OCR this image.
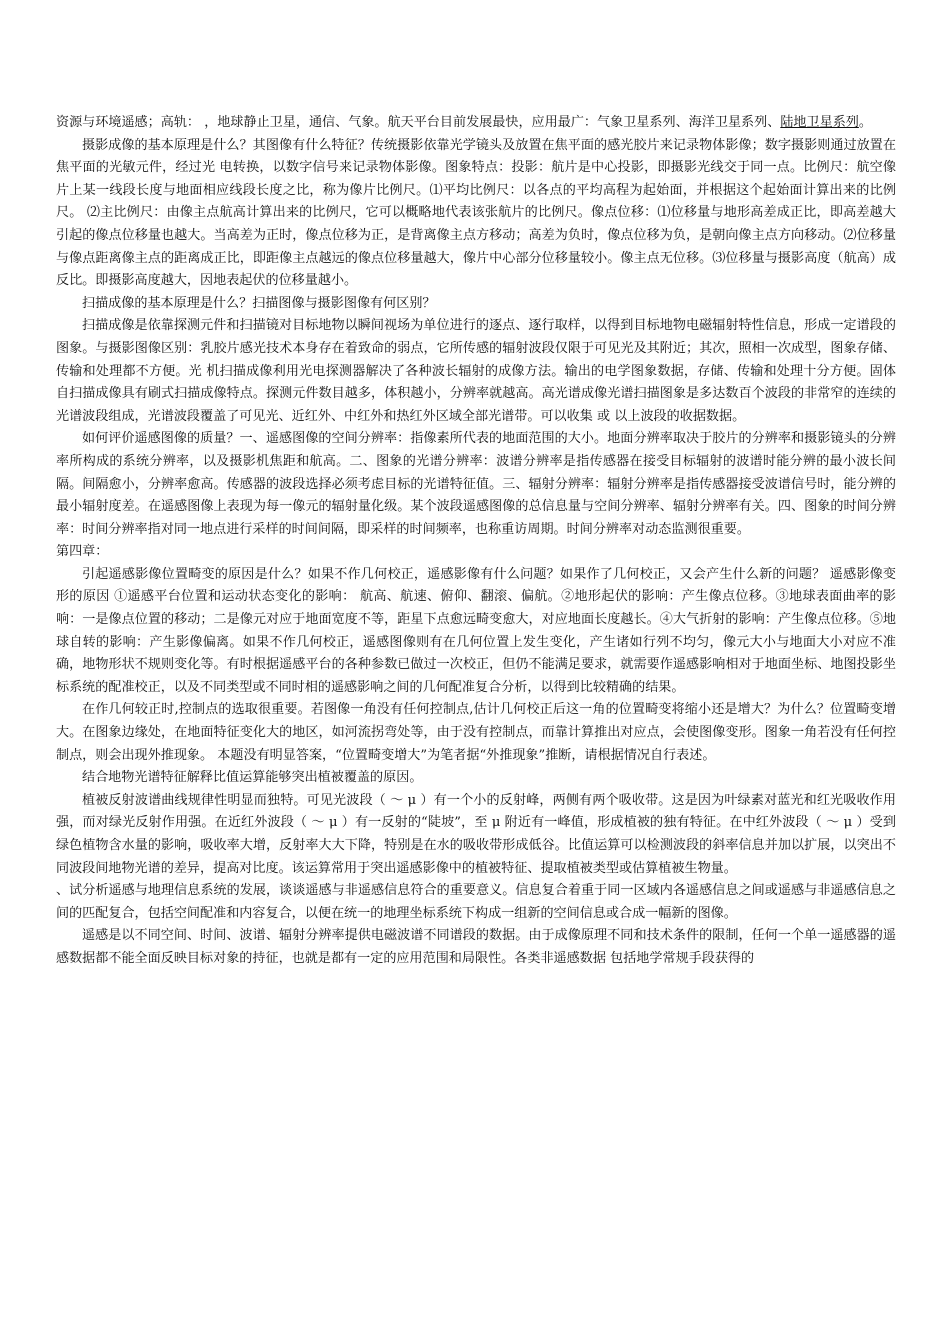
资源与环境遥感；高轨： ，地球静止卫星，通信、气象。航天平台目前发展最快，应用最广：气象卫星系列、海洋卫星系列、陆地卫星系列。

摄影成像的基本原理是什么？其图像有什么特征？传统摄影依靠光学镜头及放置在焦平面的感光胶片来记录物体影像；数字摄影则通过放置在焦平面的光敏元件，经过光 电转换，以数字信号来记录物体影像。图象特点：投影：航片是中心投影，即摄影光线交于同一点。比例尺：航空像片上某一线段长度与地面相应线段长度之比，称为像片比例尺。⑴平均比例尺：以各点的平均高程为起始面，并根据这个起始面计算出来的比例尺。 ⑵主比例尺：由像主点航高计算出来的比例尺，它可以概略地代表该张航片的比例尺。像点位移：⑴位移量与地形高差成正比，即高差越大引起的像点位移量也越大。当高差为正时，像点位移为正，是背离像主点方移动；高差为负时，像点位移为负，是朝向像主点方向移动。⑵位移量与像点距离像主点的距离成正比，即距像主点越远的像点位移量越大，像片中心部分位移量较小。像主点无位移。⑶位移量与摄影高度（航高）成反比。即摄影高度越大，因地表起伏的位移量越小。

扫描成像的基本原理是什么？扫描图像与摄影图像有何区别？

扫描成像是依靠探测元件和扫描镜对目标地物以瞬间视场为单位进行的逐点、逐行取样，以得到目标地物电磁辐射特性信息，形成一定谱段的图象。与摄影图像区别：乳胶片感光技术本身存在着致命的弱点，它所传感的辐射波段仅限于可见光及其附近；其次，照相一次成型，图象存储、传输和处理都不方便。光 机扫描成像利用光电探测器解决了各种波长辐射的成像方法。输出的电学图象数据，存储、传输和处理十分方便。固体自扫描成像具有刷式扫描成像特点。探测元件数目越多，体积越小，分辨率就越高。高光谱成像光谱扫描图象是多达数百个波段的非常窄的连续的光谱波段组成，光谱波段覆盖了可见光、近红外、中红外和热红外区域全部光谱带。可以收集 或 以上波段的收据数据。

如何评价遥感图像的质量？一、遥感图像的空间分辨率：指像素所代表的地面范围的大小。地面分辨率取决于胶片的分辨率和摄影镜头的分辨率所构成的系统分辨率，以及摄影机焦距和航高。二、图象的光谱分辨率：波谱分辨率是指传感器在接受目标辐射的波谱时能分辨的最小波长间隔。间隔愈小，分辨率愈高。传感器的波段选择必须考虑目标的光谱特征值。三、辐射分辨率：辐射分辨率是指传感器接受波谱信号时，能分辨的最小辐射度差。在遥感图像上表现为每一像元的辐射量化级。某个波段遥感图像的总信息量与空间分辨率、辐射分辨率有关。四、图象的时间分辨率：时间分辨率指对同一地点进行采样的时间间隔，即采样的时间频率，也称重访周期。时间分辨率对动态监测很重要。

第四章：

引起遥感影像位置畸变的原因是什么？如果不作几何校正，遥感影像有什么问题？如果作了几何校正，又会产生什么新的问题？ 遥感影像变形的原因 ①遥感平台位置和运动状态变化的影响： 航高、航速、俯仰、翻滚、偏航。②地形起伏的影响：产生像点位移。③地球表面曲率的影响：一是像点位置的移动；二是像元对应于地面宽度不等，距星下点愈远畸变愈大，对应地面长度越长。④大气折射的影响：产生像点位移。⑤地球自转的影响：产生影像偏离。如果不作几何校正，遥感图像则有在几何位置上发生变化，产生诸如行列不均匀，像元大小与地面大小对应不准确，地物形状不规则变化等。有时根据遥感平台的各种参数已做过一次校正，但仍不能满足要求，就需要作遥感影响相对于地面坐标、地图投影坐标系统的配准校正，以及不同类型或不同时相的遥感影响之间的几何配准复合分析，以得到比较精确的结果。

在作几何较正时,控制点的选取很重要。若图像一角没有任何控制点,估计几何校正后这一角的位置畸变将缩小还是增大？为什么？位置畸变增大。在图象边缘处，在地面特征变化大的地区，如河流拐弯处等，由于没有控制点，而靠计算推出对应点，会使图像变形。图象一角若没有任何控制点，则会出现外推现象。 本题没有明显答案，“位置畸变增大”为笔者据“外推现象”推断，请根据情况自行表述。

结合地物光谱特征解释比值运算能够突出植被覆盖的原因。

植被反射波谱曲线规律性明显而独特。可见光波段（ ～ μ ）有一个小的反射峰，两侧有两个吸收带。这是因为叶绿素对蓝光和红光吸收作用强，而对绿光反射作用强。在近红外波段（ ～ μ ）有一反射的“陡坡”，至 μ 附近有一峰值，形成植被的独有特征。在中红外波段（ ～ μ ）受到绿色植物含水量的影响，吸收率大增，反射率大大下降，特别是在水的吸收带形成低谷。比值运算可以检测波段的斜率信息并加以扩展，以突出不同波段间地物光谱的差异，提高对比度。该运算常用于突出遥感影像中的植被特征、提取植被类型或估算植被生物量。

、试分析遥感与地理信息系统的发展，谈谈遥感与非遥感信息符合的重要意义。信息复合着重于同一区域内各遥感信息之间或遥感与非遥感信息之间的匹配复合，包括空间配准和内容复合，以便在统一的地理坐标系统下构成一组新的空间信息或合成一幅新的图像。

遥感是以不同空间、时间、波谱、辐射分辨率提供电磁波谱不同谱段的数据。由于成像原理不同和技术条件的限制，任何一个单一遥感器的遥感数据都不能全面反映目标对象的持征，也就是都有一定的应用范围和局限性。各类非遥感数据 包括地学常规手段获得的
